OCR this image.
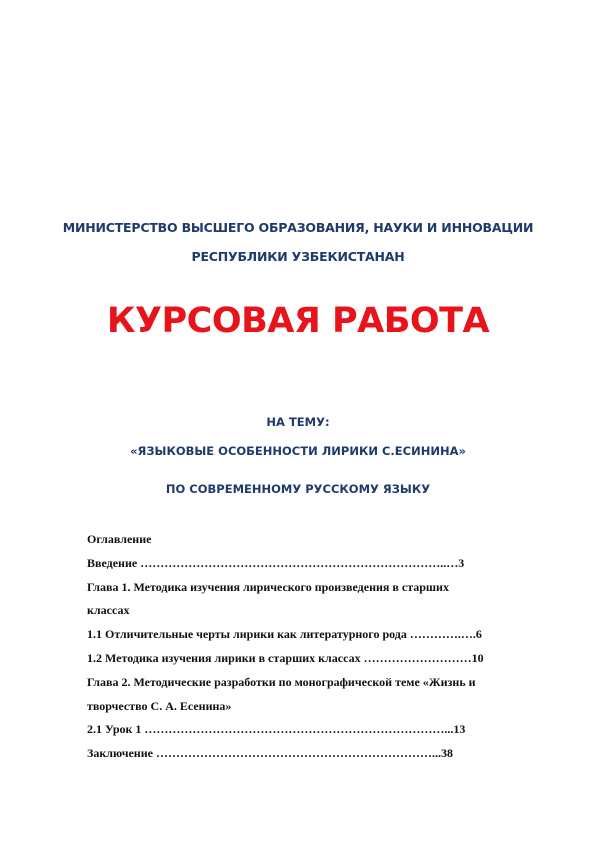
МИНИСТЕРСТВО ВЫСШЕГО ОБРАЗОВАНИЯ, НАУКИ И ИННОВАЦИИ
РЕСПУБЛИКИ УЗБЕКИСТАНАН
КУРСОВАЯ РАБОТА
НА ТЕМУ:
«ЯЗЫКОВЫЕ ОСОБЕННОСТИ ЛИРИКИ С.ЕСИНИНА»
ПО СОВРЕМЕННОМУ РУССКОМУ ЯЗЫКУ
Оглавление
Введение …………………………………………………………………..…3
Глава 1. Методика изучения лирического произведения в старших
классах
1.1 Отличительные черты лирики как литературного рода ………….….6
1.2 Методика изучения лирики в старших классах ………………………10
Глава 2. Методические разработки по монографической теме «Жизнь и
творчество С. А. Есенина»
2.1 Урок 1 …………………………………………………………………...13
Заключение ……………………………………………………………...38
